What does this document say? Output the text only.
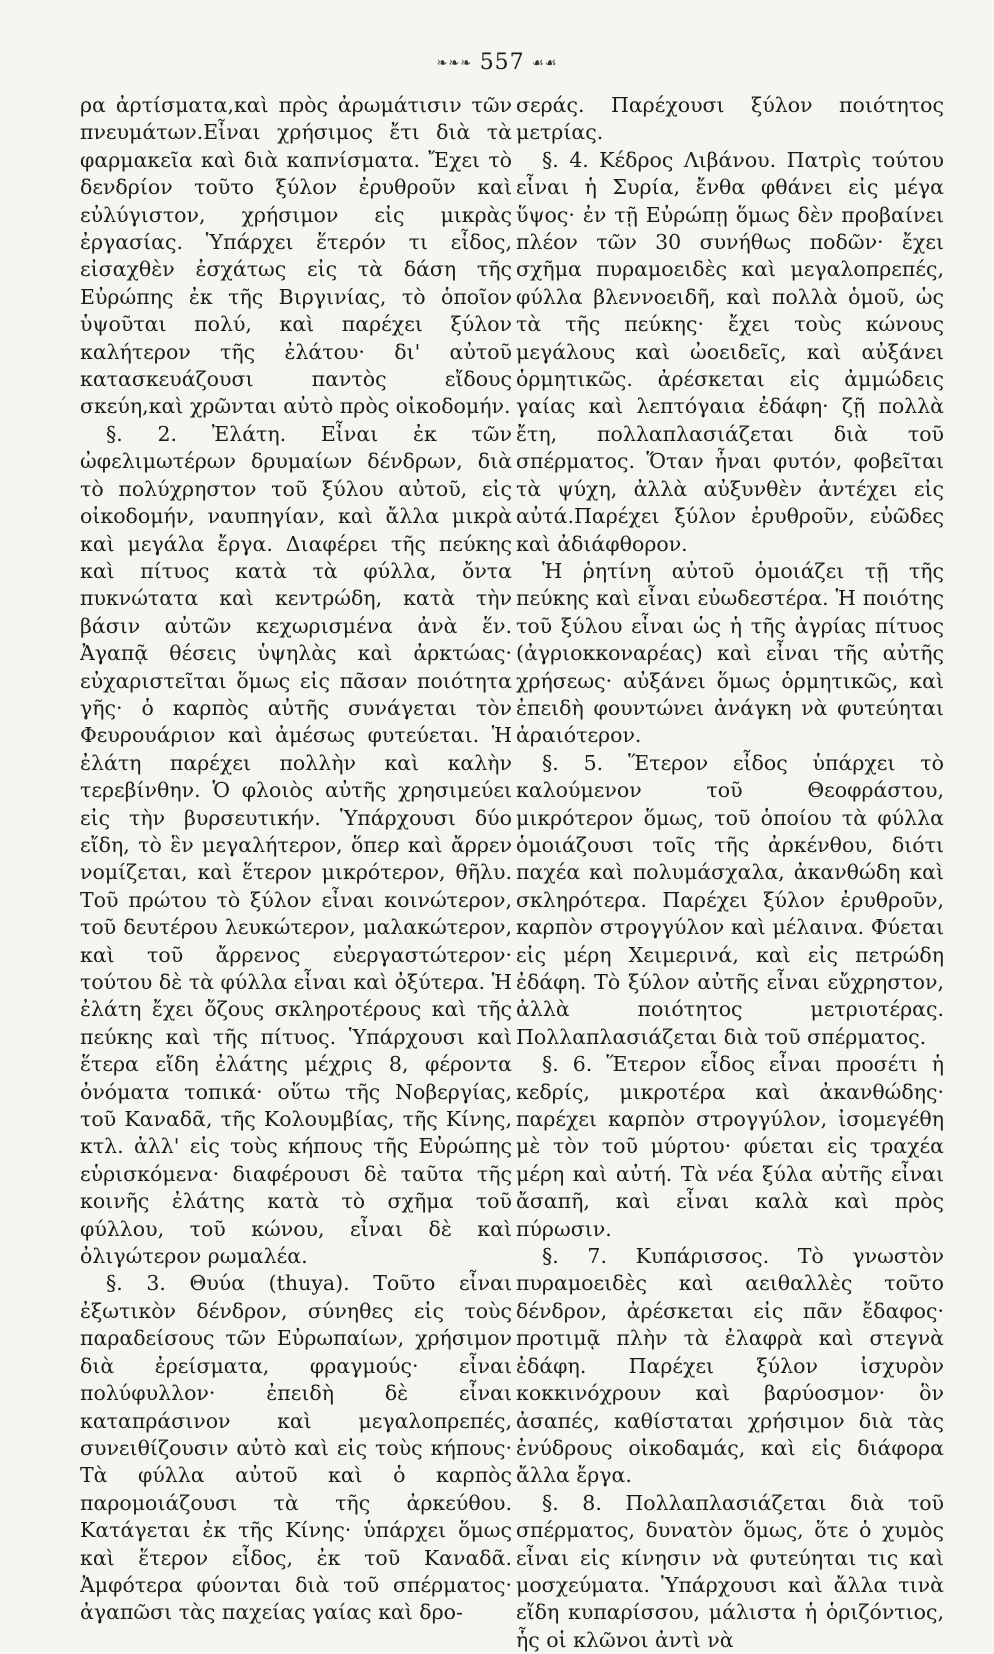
❧❧❧ 557 ☙☙

ρα ἀρτίσματα,καὶ πρὸς ἀρωμάτισιν τῶν πνευμάτων.Εἶναι χρήσιμος ἔτι διὰ τὰ φαρμακεῖα καὶ διὰ καπνίσματα. Ἔχει τὸ δενδρίον τοῦτο ξύλον ἐρυθροῦν καὶ εὐλύγιστον, χρήσιμον εἰς μικρὰς ἐργασίας. Ὑπάρχει ἕτερόν τι εἶδος, εἰσαχθὲν ἐσχάτως εἰς τὰ δάση τῆς Εὐρώπης ἐκ τῆς Βιργινίας, τὸ ὁποῖον ὑψοῦται πολύ, καὶ παρέχει ξύλον καλήτερον τῆς ἐλάτου· δι' αὐτοῦ κατασκευάζουσι παντὸς εἴδους σκεύη,καὶ χρῶνται αὐτὸ πρὸς οἰκοδομήν.

§. 2. Ἐλάτη. Εἶναι ἐκ τῶν ὠφελιμωτέρων δρυμαίων δένδρων, διὰ τὸ πολύχρηστον τοῦ ξύλου αὐτοῦ, εἰς οἰκοδομήν, ναυπηγίαν, καὶ ἄλλα μικρὰ καὶ μεγάλα ἔργα. Διαφέρει τῆς πεύκης καὶ πίτυος κατὰ τὰ φύλλα, ὄντα πυκνώτατα καὶ κεντρώδη, κατὰ τὴν βάσιν αὐτῶν κεχωρισμένα ἀνὰ ἕν. Ἀγαπᾷ θέσεις ὑψηλὰς καὶ ἀρκτώας· εὐχαριστεῖται ὅμως εἰς πᾶσαν ποιότητα γῆς· ὁ καρπὸς αὐτῆς συνάγεται τὸν Φευρουάριον καὶ ἀμέσως φυτεύεται. Ἡ ἐλάτη παρέχει πολλὴν καὶ καλὴν τερεβίνθην. Ὁ φλοιὸς αὐτῆς χρησιμεύει εἰς τὴν βυρσευτικήν. Ὑπάρχουσι δύο εἴδη, τὸ ἓν μεγαλήτερον, ὅπερ καὶ ἄρρεν νομίζεται, καὶ ἕτερον μικρότερον, θῆλυ. Τοῦ πρώτου τὸ ξύλον εἶναι κοινώτερον, τοῦ δευτέρου λευκώτερον, μαλακώτερον, καὶ τοῦ ἄρρενος εὐεργαστώτερον· τούτου δὲ τὰ φύλλα εἶναι καὶ ὀξύτερα. Ἡ ἐλάτη ἔχει ὄζους σκληροτέρους καὶ τῆς πεύκης καὶ τῆς πίτυος. Ὑπάρχουσι καὶ ἕτερα εἴδη ἐλάτης μέχρις 8, φέροντα ὀνόματα τοπικά· οὕτω τῆς Νοβεργίας, τοῦ Καναδᾶ, τῆς Κολουμβίας, τῆς Κίνης, κτλ. ἀλλ' εἰς τοὺς κήπους τῆς Εὐρώπης εὑρισκόμενα· διαφέρουσι δὲ ταῦτα τῆς κοινῆς ἐλάτης κατὰ τὸ σχῆμα τοῦ φύλλου, τοῦ κώνου, εἶναι δὲ καὶ ὀλιγώτερον ρωμαλέα.

§. 3. Θυύα (thuya). Τοῦτο εἶναι ἐξωτικὸν δένδρον, σύνηθες εἰς τοὺς παραδείσους τῶν Εὐρωπαίων, χρήσιμον διὰ ἐρείσματα, φραγμούς· εἶναι πολύφυλλον· ἐπειδὴ δὲ εἶναι καταπράσινον καὶ μεγαλοπρεπές, συνειθίζουσιν αὐτὸ καὶ εἰς τοὺς κήπους· Τὰ φύλλα αὐτοῦ καὶ ὁ καρπὸς παρομοιάζουσι τὰ τῆς ἀρκεύθου. Κατάγεται ἐκ τῆς Κίνης· ὑπάρχει ὅμως καὶ ἕτερον εἶδος, ἐκ τοῦ Καναδᾶ. Ἀμφότερα φύονται διὰ τοῦ σπέρματος· ἀγαπῶσι τὰς παχείας γαίας καὶ δρο-

σεράς. Παρέχουσι ξύλον ποιότητος μετρίας.

§. 4. Κέδρος Λιβάνου. Πατρὶς τούτου εἶναι ἡ Συρία, ἔνθα φθάνει εἰς μέγα ὕψος· ἐν τῇ Εὐρώπῃ ὅμως δὲν προβαίνει πλέον τῶν 30 συνήθως ποδῶν· ἔχει σχῆμα πυραμοειδὲς καὶ μεγαλοπρεπές, φύλλα βλεννοειδῆ, καὶ πολλὰ ὁμοῦ, ὡς τὰ τῆς πεύκης· ἔχει τοὺς κώνους μεγάλους καὶ ὠοειδεῖς, καὶ αὐξάνει ὁρμητικῶς. ἀρέσκεται εἰς ἀμμώδεις γαίας καὶ λεπτόγαια ἐδάφη· ζῇ πολλὰ ἔτη, πολλαπλασιάζεται διὰ τοῦ σπέρματος. Ὅταν ἦναι φυτόν, φοβεῖται τὰ ψύχη, ἀλλὰ αὐξυνθὲν ἀντέχει εἰς αὐτά.Παρέχει ξύλον ἐρυθροῦν, εὐῶδες καὶ ἀδιάφθορον.

Ἡ ῥητίνη αὐτοῦ ὁμοιάζει τῇ τῆς πεύκης καὶ εἶναι εὐωδεστέρα. Ἡ ποιότης τοῦ ξύλου εἶναι ὡς ἡ τῆς ἀγρίας πίτυος (ἀγριοκκοναρέας) καὶ εἶναι τῆς αὐτῆς χρήσεως· αὐξάνει ὅμως ὁρμητικῶς, καὶ ἐπειδὴ φουντώνει ἀνάγκη νὰ φυτεύηται ἀραιότερον.

§. 5. Ἕτερον εἶδος ὑπάρχει τὸ καλούμενον τοῦ Θεοφράστου, μικρότερον ὅμως, τοῦ ὁποίου τὰ φύλλα ὁμοιάζουσι τοῖς τῆς ἀρκένθου, διότι παχέα καὶ πολυμάσχαλα, ἀκανθώδη καὶ σκληρότερα. Παρέχει ξύλον ἐρυθροῦν, καρπὸν στρογγύλον καὶ μέλαινα. Φύεται εἰς μέρη Χειμερινά, καὶ εἰς πετρώδη ἐδάφη. Τὸ ξύλον αὐτῆς εἶναι εὔχρηστον, ἀλλὰ ποιότητος μετριοτέρας. Πολλαπλασιάζεται διὰ τοῦ σπέρματος.

§. 6. Ἕτερον εἶδος εἶναι προσέτι ἡ κεδρίς, μικροτέρα καὶ ἀκανθώδης· παρέχει καρπὸν στρογγύλον, ἰσομεγέθη μὲ τὸν τοῦ μύρτου· φύεται εἰς τραχέα μέρη καὶ αὐτή. Τὰ νέα ξύλα αὐτῆς εἶναι ἄσαπῆ, καὶ εἶναι καλὰ καὶ πρὸς πύρωσιν.

§. 7. Κυπάρισσος. Τὸ γνωστὸν πυραμοειδὲς καὶ αειθαλλὲς τοῦτο δένδρον, ἀρέσκεται εἰς πᾶν ἔδαφος· προτιμᾷ πλὴν τὰ ἐλαφρὰ καὶ στεγνὰ ἐδάφη. Παρέχει ξύλον ἰσχυρὸν κοκκινόχρουν καὶ βαρύοσμον· ὃν ἀσαπές, καθίσταται χρήσιμον διὰ τὰς ἐνύδρους οἰκοδαμάς, καὶ εἰς διάφορα ἄλλα ἔργα.

§. 8. Πολλαπλασιάζεται διὰ τοῦ σπέρματος, δυνατὸν ὅμως, ὅτε ὁ χυμὸς εἶναι εἰς κίνησιν νὰ φυτεύηται τις καὶ μοσχεύματα. Ὑπάρχουσι καὶ ἄλλα τινὰ εἴδη κυπαρίσσου, μάλιστα ἡ ὁριζόντιος, ἧς οἱ κλῶνοι ἀντὶ νὰ
